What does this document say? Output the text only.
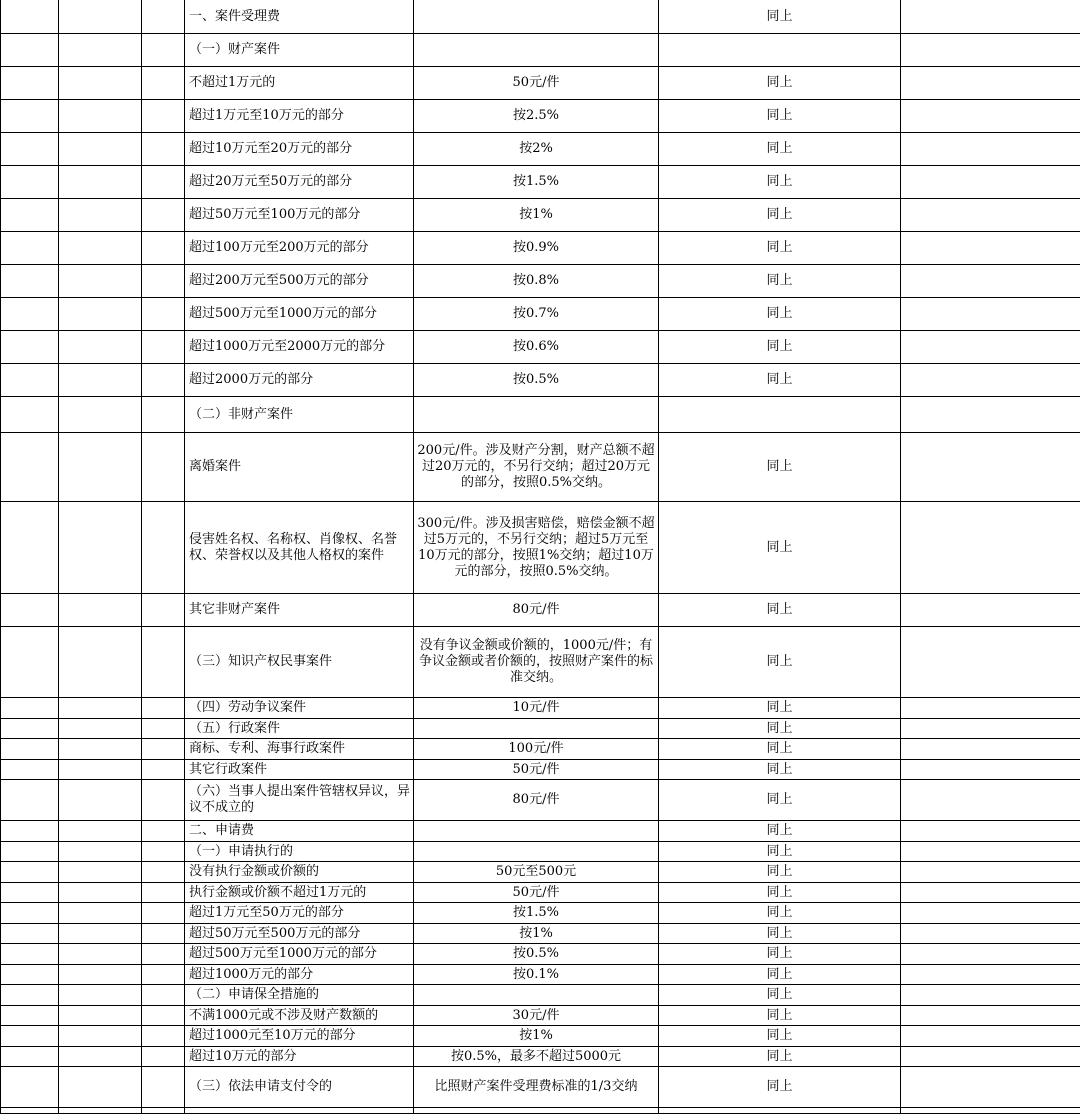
			一、案件受理费		同上	
			（一）财产案件			
			不超过1万元的	50元/件	同上	
			超过1万元至10万元的部分	按2.5%	同上	
			超过10万元至20万元的部分	按2%	同上	
			超过20万元至50万元的部分	按1.5%	同上	
			超过50万元至100万元的部分	按1%	同上	
			超过100万元至200万元的部分	按0.9%	同上	
			超过200万元至500万元的部分	按0.8%	同上	
			超过500万元至1000万元的部分	按0.7%	同上	
			超过1000万元至2000万元的部分	按0.6%	同上	
			超过2000万元的部分	按0.5%	同上	
			（二）非财产案件			
			离婚案件	200元/件。涉及财产分割，财产总额不超过20万元的，不另行交纳；超过20万元的部分，按照0.5%交纳。	同上	
			侵害姓名权、名称权、肖像权、名誉权、荣誉权以及其他人格权的案件	300元/件。涉及损害赔偿，赔偿金额不超过5万元的，不另行交纳；超过5万元至10万元的部分，按照1%交纳；超过10万元的部分，按照0.5%交纳。	同上	
			其它非财产案件	80元/件	同上	
			（三）知识产权民事案件	没有争议金额或价额的，1000元/件；有争议金额或者价额的，按照财产案件的标准交纳。	同上	
			（四）劳动争议案件	10元/件	同上	
			（五）行政案件		同上	
			商标、专利、海事行政案件	100元/件	同上	
			其它行政案件	50元/件	同上	
			（六）当事人提出案件管辖权异议，异议不成立的	80元/件	同上	
			二、申请费		同上	
			（一）申请执行的		同上	
			没有执行金额或价额的	50元至500元	同上	
			执行金额或价额不超过1万元的	50元/件	同上	
			超过1万元至50万元的部分	按1.5%	同上	
			超过50万元至500万元的部分	按1%	同上	
			超过500万元至1000万元的部分	按0.5%	同上	
			超过1000万元的部分	按0.1%	同上	
			（二）申请保全措施的		同上	
			不满1000元或不涉及财产数额的	30元/件	同上	
			超过1000元至10万元的部分	按1%	同上	
			超过10万元的部分	按0.5%，最多不超过5000元	同上	
			（三）依法申请支付令的	比照财产案件受理费标准的1/3交纳	同上	
